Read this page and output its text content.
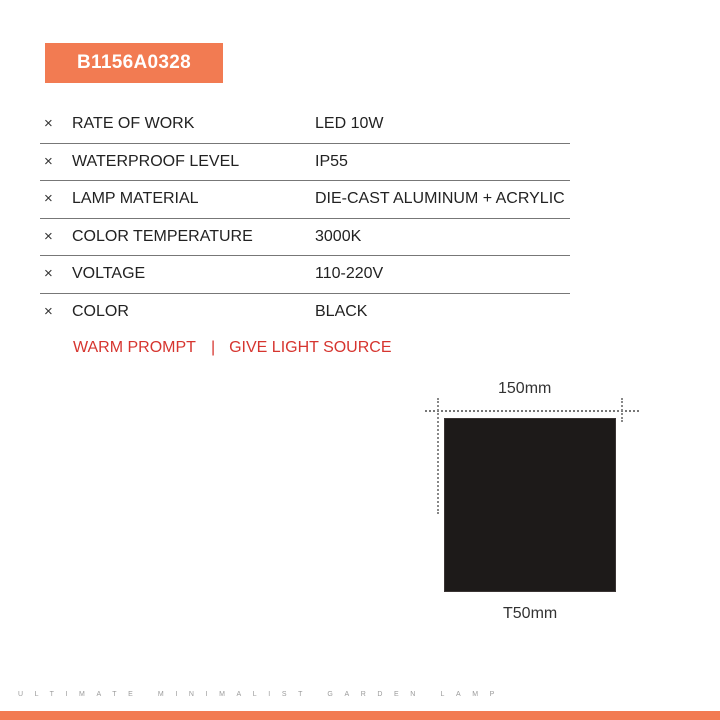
B1156A0328
× RATE OF WORK	LED 10W
× WATERPROOF LEVEL	IP55
× LAMP MATERIAL	DIE-CAST ALUMINUM + ACRYLIC
× COLOR TEMPERATURE	3000K
× VOLTAGE	110-220V
× COLOR	BLACK
WARM PROMPT | GIVE LIGHT SOURCE
150mm
T50mm
ULTIMATE MINIMALIST GARDEN LAMP
